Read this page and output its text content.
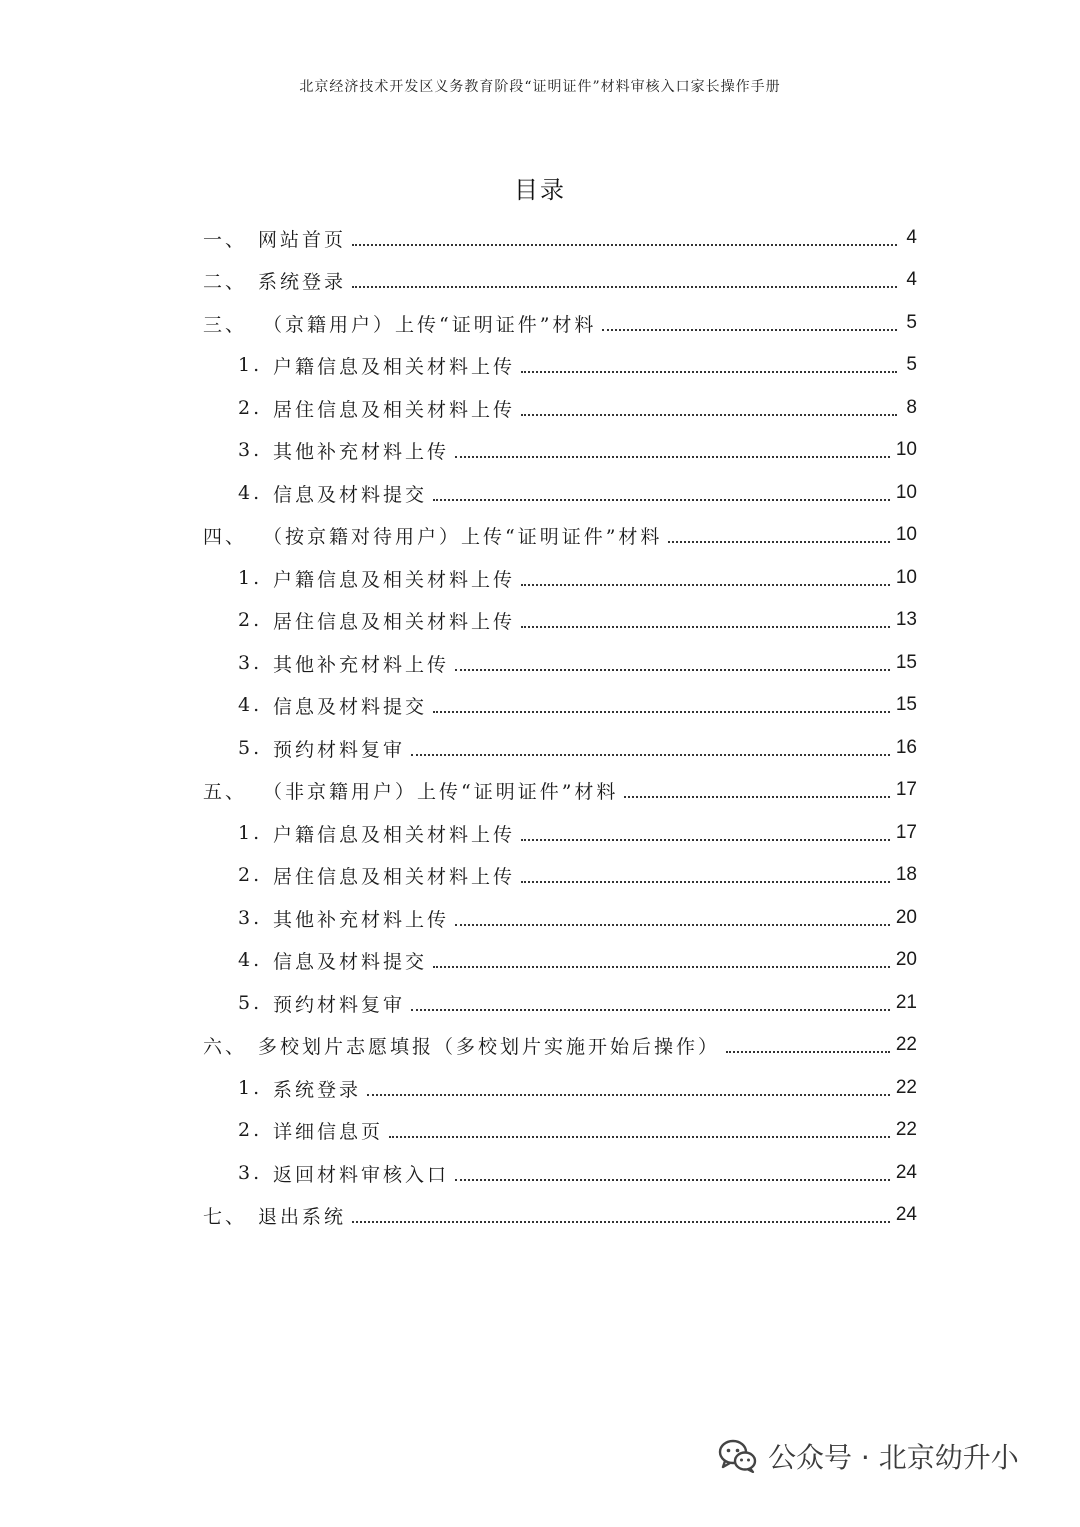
北京经济技术开发区义务教育阶段“证明证件”材料审核入口家长操作手册
目录
一、 网站首页	4
二、 系统登录	4
三、 （京籍用户）上传“证明证件”材料	5
1. 户籍信息及相关材料上传	5
2. 居住信息及相关材料上传	8
3. 其他补充材料上传	10
4. 信息及材料提交	10
四、 （按京籍对待用户）上传“证明证件”材料	10
1. 户籍信息及相关材料上传	10
2. 居住信息及相关材料上传	13
3. 其他补充材料上传	15
4. 信息及材料提交	15
5. 预约材料复审	16
五、 （非京籍用户）上传“证明证件”材料	17
1. 户籍信息及相关材料上传	17
2. 居住信息及相关材料上传	18
3. 其他补充材料上传	20
4. 信息及材料提交	20
5. 预约材料复审	21
六、 多校划片志愿填报（多校划片实施开始后操作）	22
1. 系统登录	22
2. 详细信息页	22
3. 返回材料审核入口	24
七、 退出系统	24
公众号 · 北京幼升小
